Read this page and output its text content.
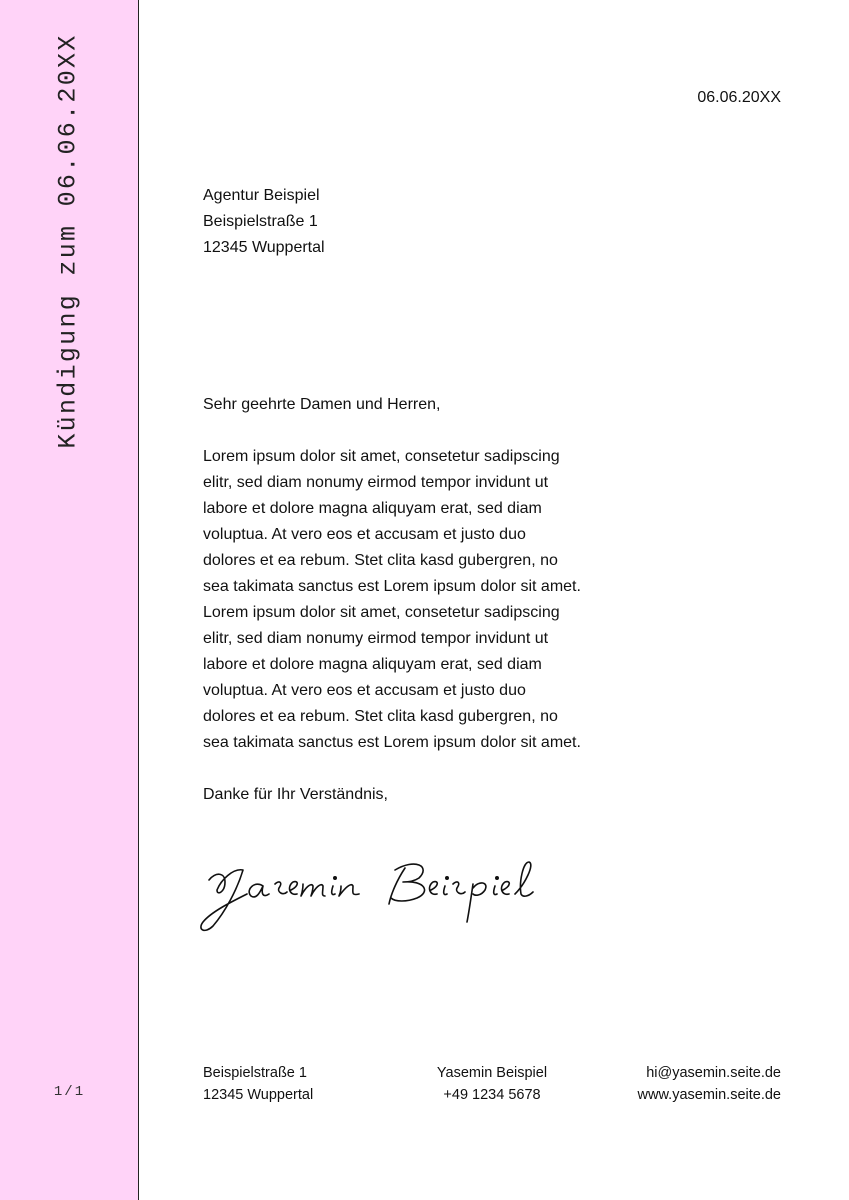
Kündigung zum 06.06.20XX
1/1
06.06.20XX
Agentur Beispiel
Beispielstraße 1
12345 Wuppertal
Sehr geehrte Damen und Herren,
Lorem ipsum dolor sit amet, consetetur sadipscing
elitr, sed diam nonumy eirmod tempor invidunt ut
labore et dolore magna aliquyam erat, sed diam
voluptua. At vero eos et accusam et justo duo
dolores et ea rebum. Stet clita kasd gubergren, no
sea takimata sanctus est Lorem ipsum dolor sit amet.
Lorem ipsum dolor sit amet, consetetur sadipscing
elitr, sed diam nonumy eirmod tempor invidunt ut
labore et dolore magna aliquyam erat, sed diam
voluptua. At vero eos et accusam et justo duo
dolores et ea rebum. Stet clita kasd gubergren, no
sea takimata sanctus est Lorem ipsum dolor sit amet.
Danke für Ihr Verständnis,
Beispielstraße 1
12345 Wuppertal
Yasemin Beispiel
+49 1234 5678
hi@yasemin.seite.de
www.yasemin.seite.de
